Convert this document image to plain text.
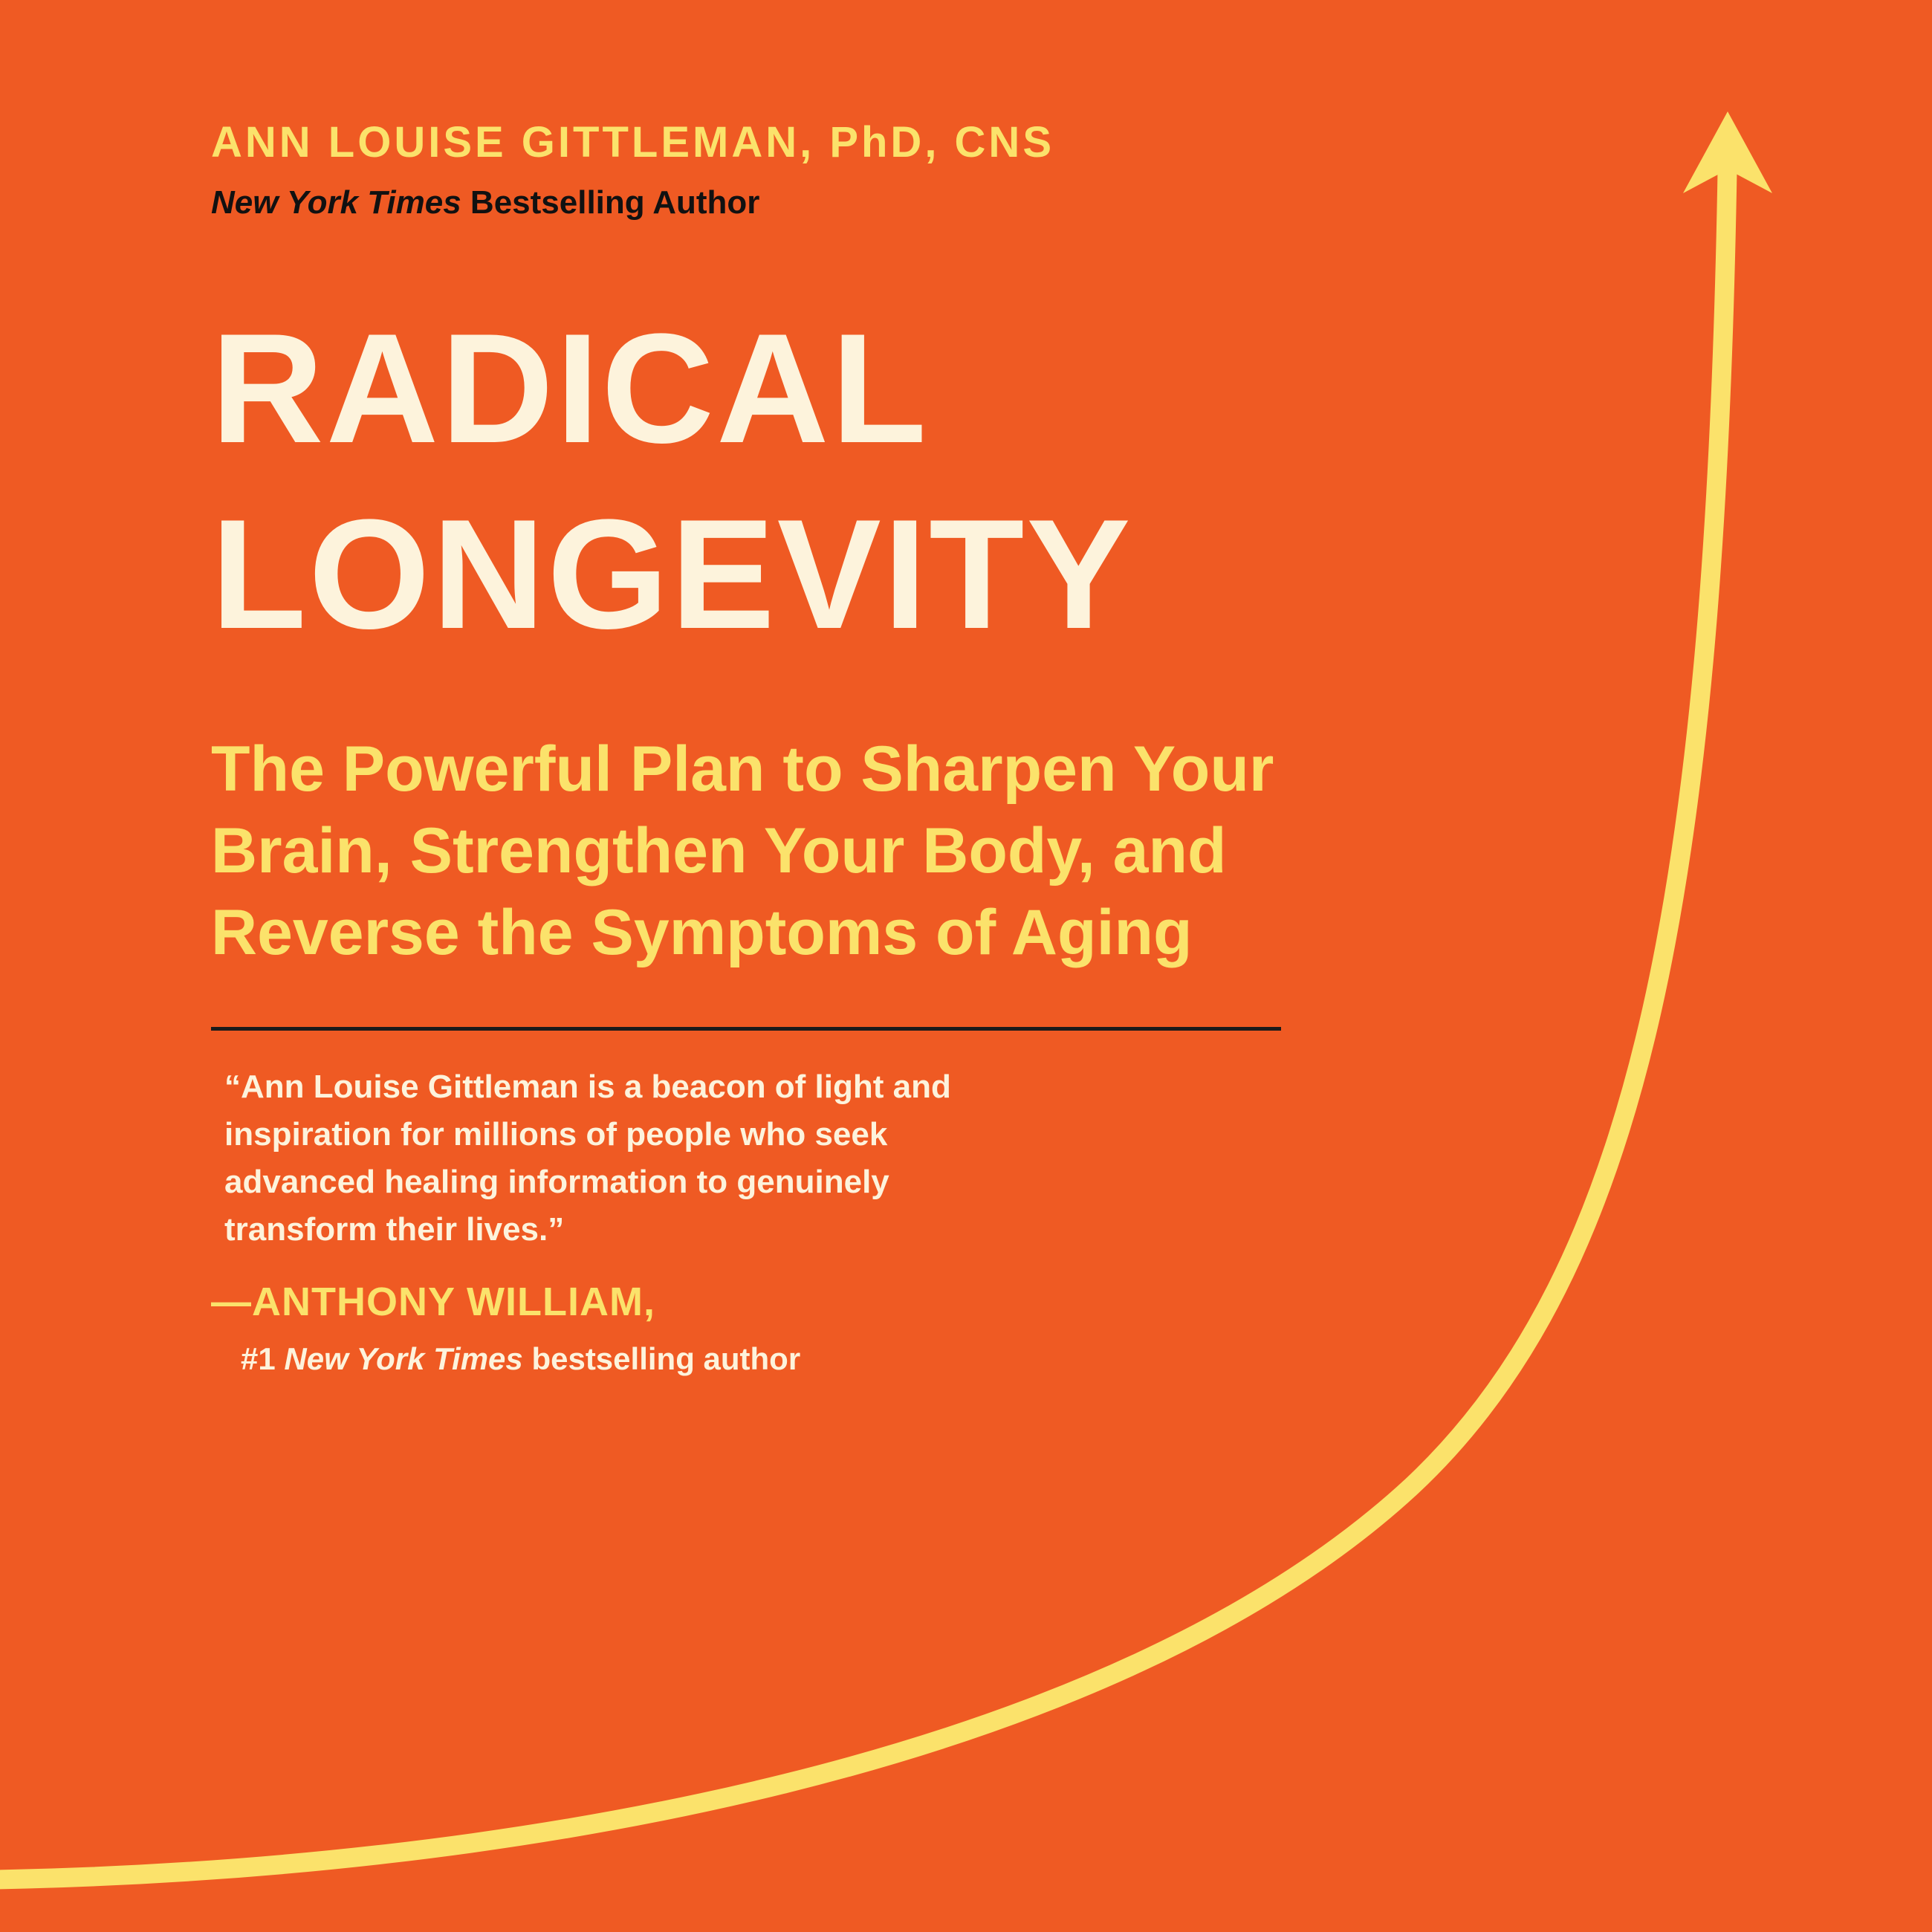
ANN LOUISE GITTLEMAN, PhD, CNS

New York Times Bestselling Author

RADICAL
LONGEVITY

The Powerful Plan to Sharpen Your Brain, Strengthen Your Body, and Reverse the Symptoms of Aging

“Ann Louise Gittleman is a beacon of light and inspiration for millions of people who seek advanced healing information to genuinely transform their lives.”

—ANTHONY WILLIAM,

#1 New York Times bestselling author
